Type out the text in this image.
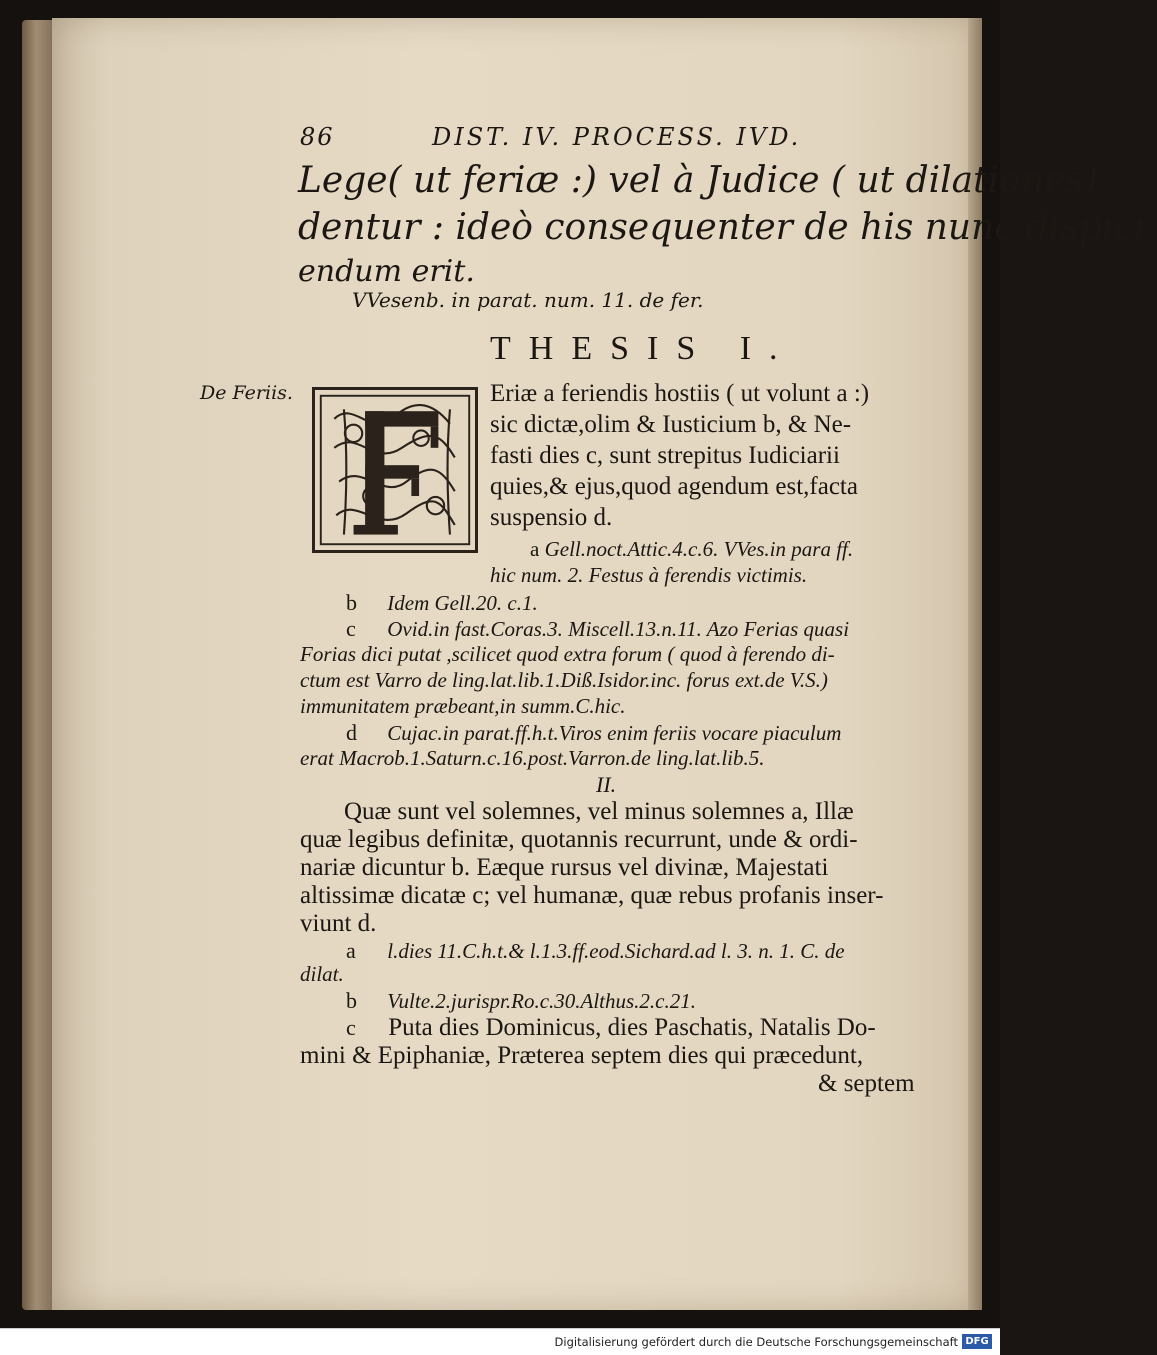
86	DIST. IV. PROCESS. IVD.
Lege( ut feriæ :) vel à Judice ( ut dilationes)
dentur : ideò consequenter de his nunc dispici-
endum erit.
VVesenb. in parat. num. 11. de fer.
THESIS I.
De Feriis.	F	Eriæ a feriendis hostiis ( ut volunt a :)
sic dictæ,olim & Iusticium b, & Ne-
fasti dies c, sunt strepitus Iudiciarii
quies,& ejus,quod agendum est,facta
suspensio d.
a Gell.noct.Attic.4.c.6. VVes.in para ff.
hic num. 2. Festus à ferendis victimis.
b Idem Gell.20. c.1.
c Ovid.in fast.Coras.3. Miscell.13.n.11. Azo Ferias quasi
Forias dici putat ,scilicet quod extra forum ( quod à ferendo di-
ctum est Varro de ling.lat.lib.1.Diß.Isidor.inc. forus ext.de V.S.)
immunitatem præbeant,in summ.C.hic.
d Cujac.in parat.ff.h.t.Viros enim feriis vocare piaculum
erat Macrob.1.Saturn.c.16.post.Varron.de ling.lat.lib.5.
II.
Quæ sunt vel solemnes, vel minus solemnes a, Illæ
quæ legibus definitæ, quotannis recurrunt, unde & ordi-
nariæ dicuntur b. Eæque rursus vel divinæ, Majestati
altissimæ dicatæ c; vel humanæ, quæ rebus profanis inser-
viunt d.
a l.dies 11.C.h.t.& l.1.3.ff.eod.Sichard.ad l. 3. n. 1. C. de
dilat.
b Vulte.2.jurispr.Ro.c.30.Althus.2.c.21.
c Puta dies Dominicus, dies Paschatis, Natalis Do-
mini & Epiphaniæ, Præterea septem dies qui præcedunt,
& septem
Digitalisierung gefördert durch die Deutsche Forschungsgemeinschaft DFG
